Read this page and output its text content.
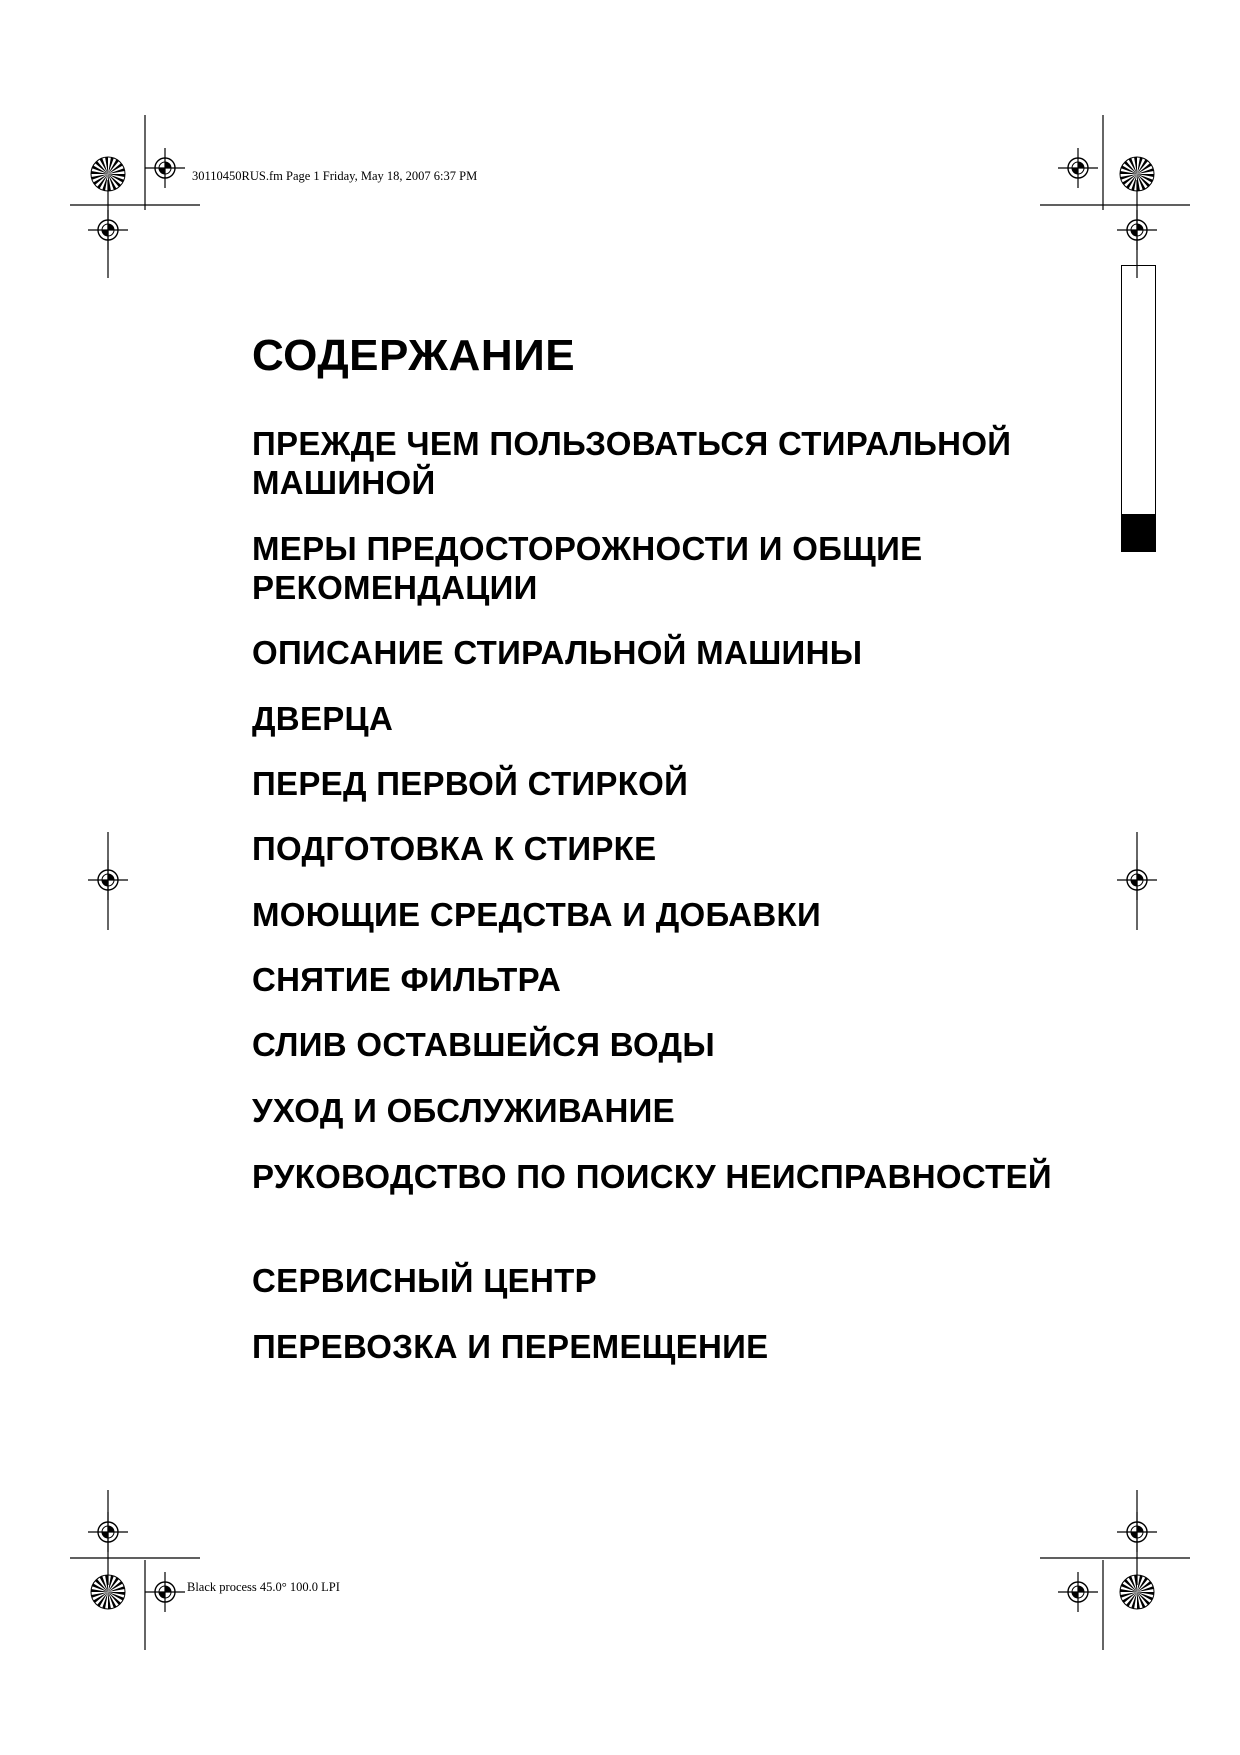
30110450RUS.fm Page 1 Friday, May 18, 2007 6:37 PM
Black process 45.0° 100.0 LPI
СОДЕРЖАНИЕ
ПРЕЖДЕ ЧЕМ ПОЛЬЗОВАТЬСЯ СТИРАЛЬНОЙ МАШИНОЙ
МЕРЫ ПРЕДОСТОРОЖНОСТИ И ОБЩИЕ РЕКОМЕНДАЦИИ
ОПИСАНИЕ СТИРАЛЬНОЙ МАШИНЫ
ДВЕРЦА
ПЕРЕД ПЕРВОЙ СТИРКОЙ
ПОДГОТОВКА К СТИРКЕ
МОЮЩИЕ СРЕДСТВА И ДОБАВКИ
СНЯТИЕ ФИЛЬТРА
СЛИВ ОСТАВШЕЙСЯ ВОДЫ
УХОД И ОБСЛУЖИВАНИЕ
РУКОВОДСТВО ПО ПОИСКУ НЕИСПРАВНОСТЕЙ
СЕРВИСНЫЙ ЦЕНТР
ПЕРЕВОЗКА И ПЕРЕМЕЩЕНИЕ
